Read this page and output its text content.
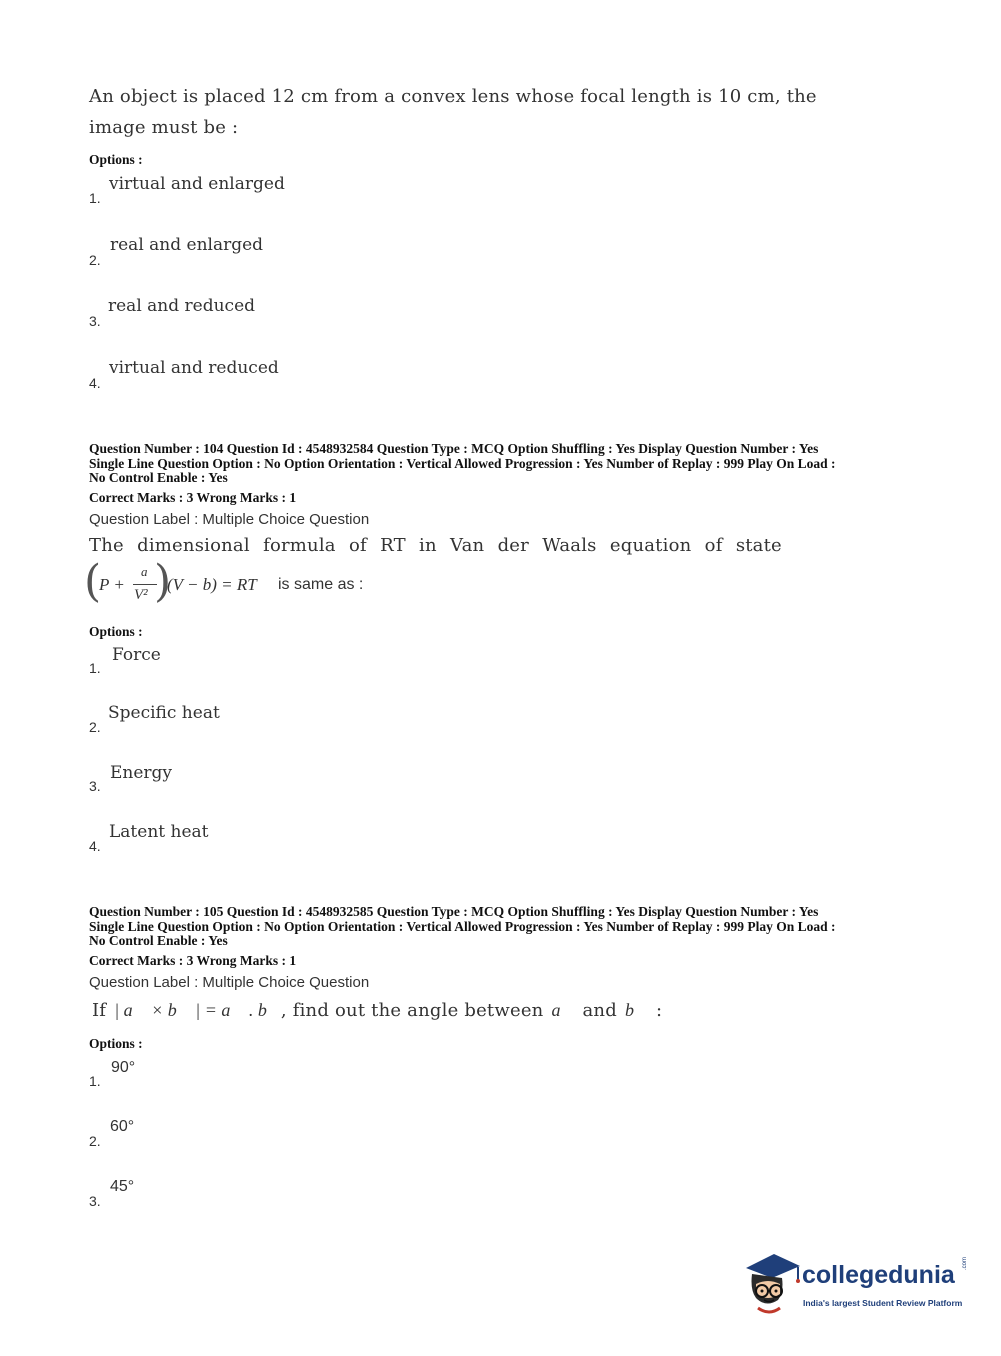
An object is placed 12 cm from a convex lens whose focal length is 10 cm, the
image must be :
Options :
1.
virtual and enlarged
2.
real and enlarged
3.
real and reduced
4.
virtual and reduced
Question Number : 104 Question Id : 4548932584 Question Type : MCQ Option Shuffling : Yes Display Question Number : Yes
Single Line Question Option : No Option Orientation : Vertical Allowed Progression : Yes Number of Replay : 999 Play On Load :
No Control Enable : Yes
Correct Marks : 3 Wrong Marks : 1
Question Label : Multiple Choice Question
The dimensional formula of RT in Van der Waals equation of state
(
P +
a
V² )
(V − b) = RT is same as :
Options :
1.
Force
2.
Specific heat
3.
Energy
4.
Latent heat
Question Number : 105 Question Id : 4548932585 Question Type : MCQ Option Shuffling : Yes Display Question Number : Yes
Single Line Question Option : No Option Orientation : Vertical Allowed Progression : Yes Number of Replay : 999 Play On Load :
No Control Enable : Yes
Correct Marks : 3 Wrong Marks : 1
Question Label : Multiple Choice Question
If | a⃗ × b⃗ | = a⃗ . b⃗, find out the angle between a⃗ and b⃗ :
Options :
1.
90°
2.
60°
3.
45°
collegedunia .com
India's largest Student Review Platform
